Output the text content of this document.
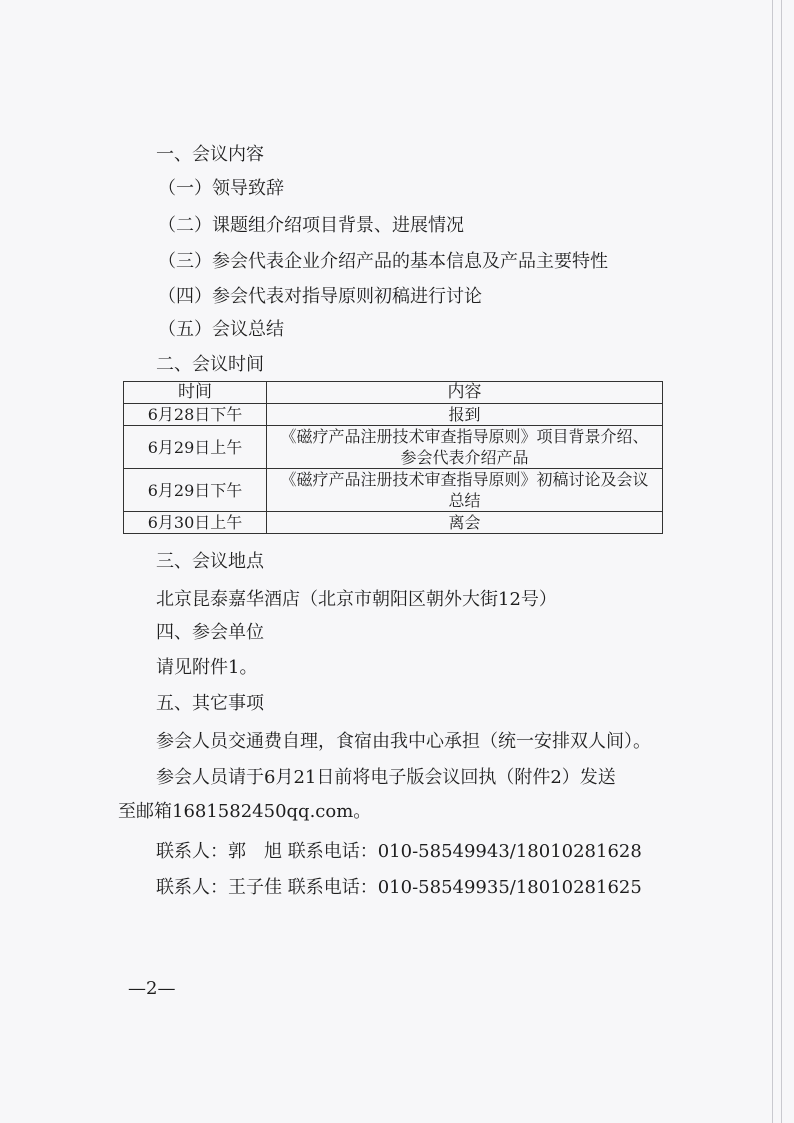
一、会议内容
（一）领导致辞
（二）课题组介绍项目背景、进展情况
（三）参会代表企业介绍产品的基本信息及产品主要特性
（四）参会代表对指导原则初稿进行讨论
（五）会议总结
二、会议时间
时间	内容
6月28日下午	报到
6月29日上午	《磁疗产品注册技术审查指导原则》项目背景介绍、参会代表介绍产品
6月29日下午	《磁疗产品注册技术审查指导原则》初稿讨论及会议总结
6月30日上午	离会
三、会议地点
北京昆泰嘉华酒店（北京市朝阳区朝外大街12号）
四、参会单位
请见附件1。
五、其它事项
参会人员交通费自理，食宿由我中心承担（统一安排双人间）。
参会人员请于6月21日前将电子版会议回执（附件2）发送
至邮箱1681582450qq.com。
联系人：郭　旭 联系电话：010-58549943/18010281628
联系人：王子佳 联系电话：010-58549935/18010281625
—2—
